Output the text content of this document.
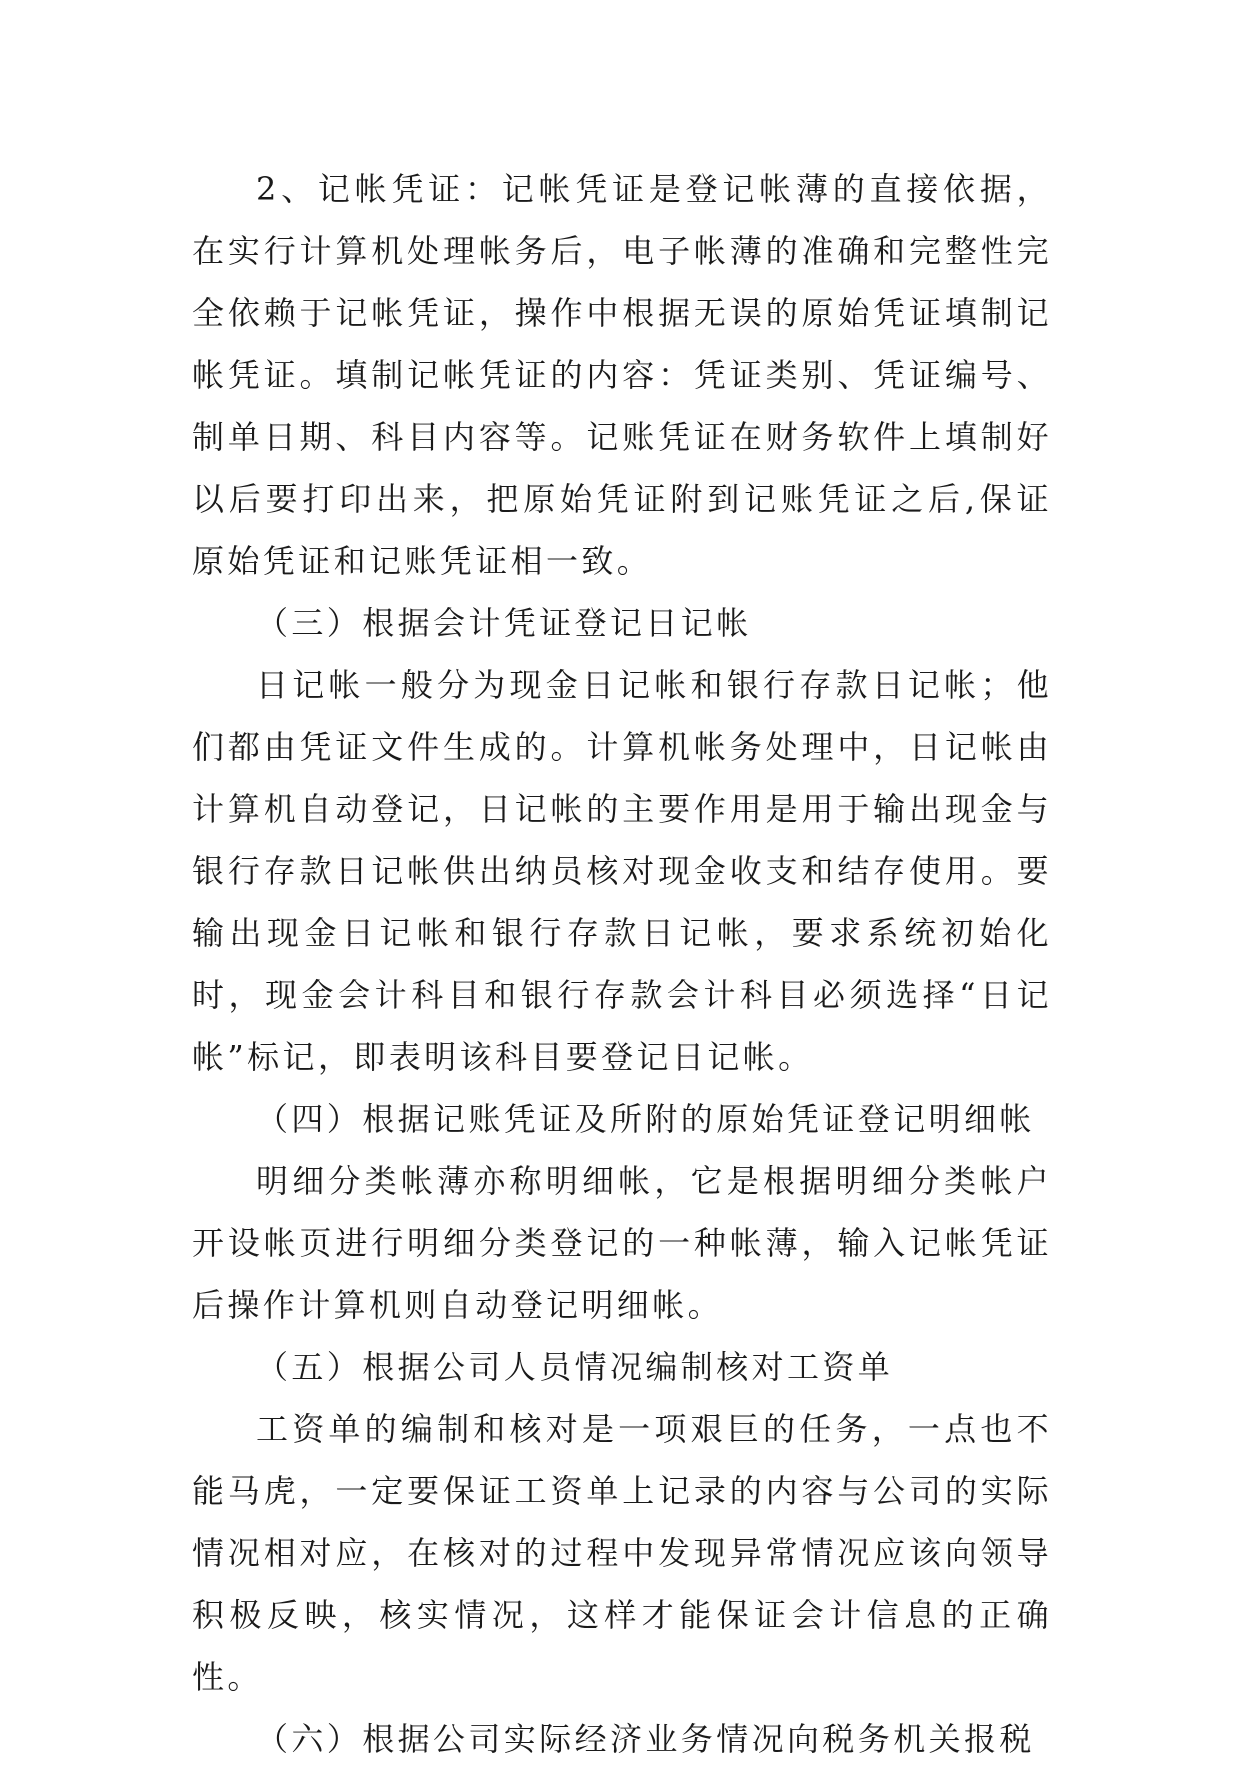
2、记帐凭证：记帐凭证是登记帐薄的直接依据，在实行计算机处理帐务后，电子帐薄的准确和完整性完全依赖于记帐凭证，操作中根据无误的原始凭证填制记帐凭证。填制记帐凭证的内容：凭证类别、凭证编号、制单日期、科目内容等。记账凭证在财务软件上填制好以后要打印出来，把原始凭证附到记账凭证之后,保证原始凭证和记账凭证相一致。

（三）根据会计凭证登记日记帐

日记帐一般分为现金日记帐和银行存款日记帐；他们都由凭证文件生成的。计算机帐务处理中，日记帐由计算机自动登记，日记帐的主要作用是用于输出现金与银行存款日记帐供出纳员核对现金收支和结存使用。要输出现金日记帐和银行存款日记帐，要求系统初始化时，现金会计科目和银行存款会计科目必须选择“日记帐”标记，即表明该科目要登记日记帐。

（四）根据记账凭证及所附的原始凭证登记明细帐

明细分类帐薄亦称明细帐，它是根据明细分类帐户开设帐页进行明细分类登记的一种帐薄，输入记帐凭证后操作计算机则自动登记明细帐。

（五）根据公司人员情况编制核对工资单

工资单的编制和核对是一项艰巨的任务，一点也不能马虎，一定要保证工资单上记录的内容与公司的实际情况相对应，在核对的过程中发现异常情况应该向领导积极反映，核实情况，这样才能保证会计信息的正确性。

（六）根据公司实际经济业务情况向税务机关报税
